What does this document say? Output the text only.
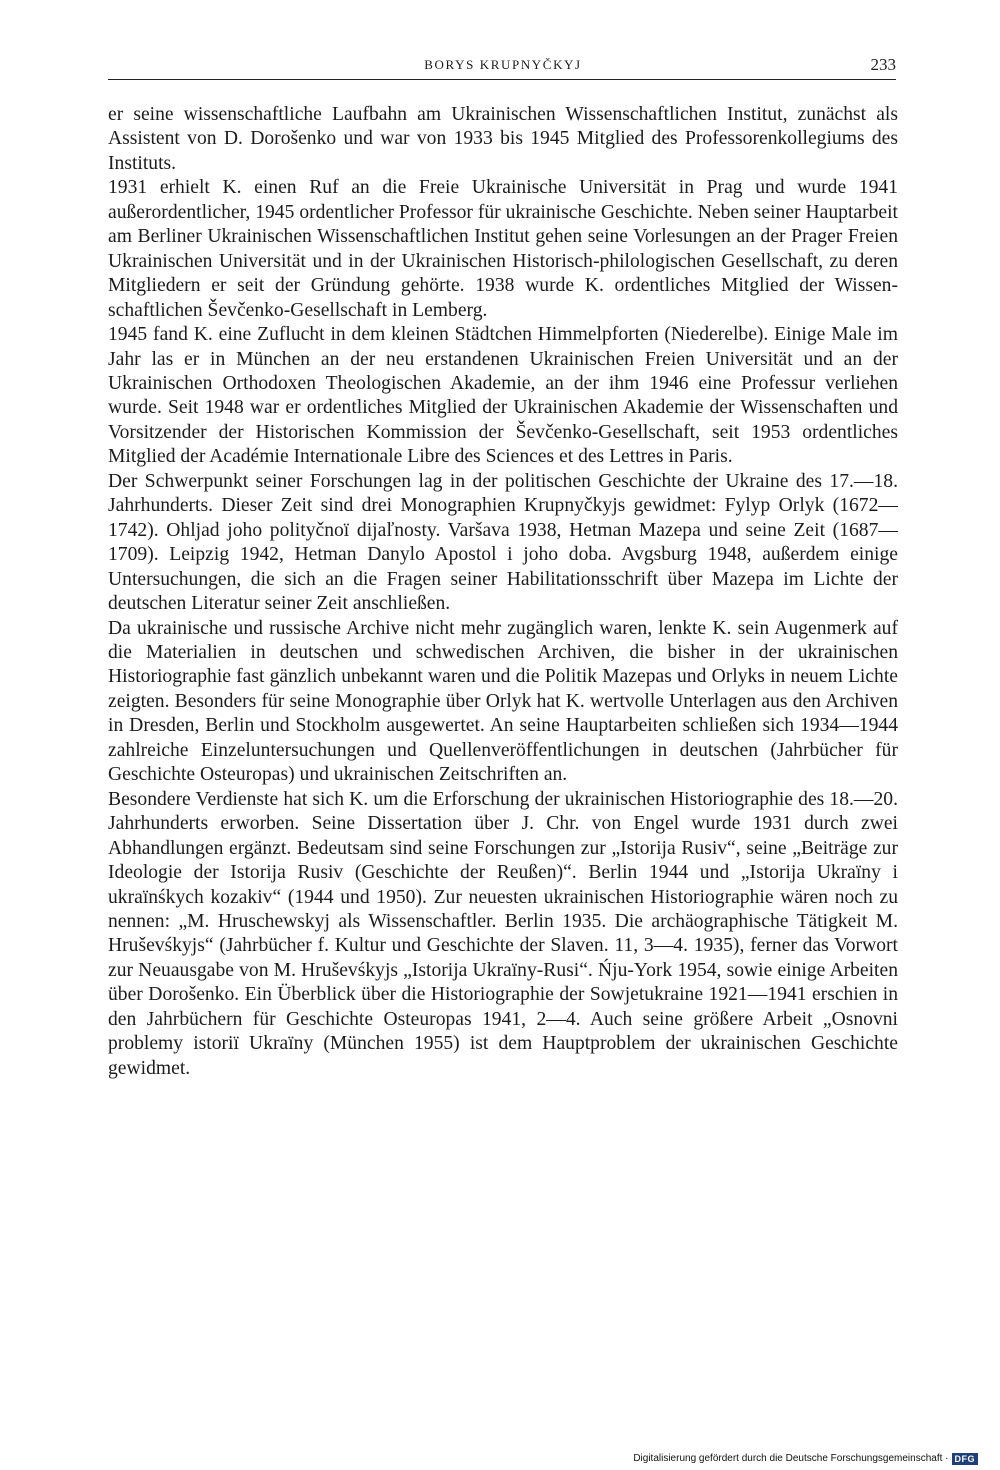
BORYS KRUPNYČKYJ	233

er seine wissenschaftliche Laufbahn am Ukrainischen Wissenschaftlichen Institut, zunächst als Assistent von D. Dorošenko und war von 1933 bis 1945 Mitglied des Professorenkollegiums des Instituts.

1931 erhielt K. einen Ruf an die Freie Ukrainische Universität in Prag und wurde 1941 außerordentlicher, 1945 ordentlicher Professor für ukrainische Geschichte. Neben seiner Hauptarbeit am Berliner Ukrainischen Wissenschaftlichen Institut gehen seine Vorlesungen an der Prager Freien Ukrainischen Universität und in der Ukrainischen Historisch-philologischen Gesellschaft, zu deren Mitgliedern er seit der Gründung gehörte. 1938 wurde K. ordentliches Mitglied der Wissenschaftlichen Ševčenko-Gesellschaft in Lemberg.

1945 fand K. eine Zuflucht in dem kleinen Städtchen Himmelpforten (Niederelbe). Einige Male im Jahr las er in München an der neu erstandenen Ukrainischen Freien Universität und an der Ukrainischen Orthodoxen Theologischen Akademie, an der ihm 1946 eine Professur verliehen wurde. Seit 1948 war er ordentliches Mitglied der Ukrainischen Akademie der Wissenschaften und Vorsitzender der Historischen Kommission der Ševčenko-Gesellschaft, seit 1953 ordentliches Mitglied der Académie Internationale Libre des Sciences et des Lettres in Paris.

Der Schwerpunkt seiner Forschungen lag in der politischen Geschichte der Ukraine des 17.—18. Jahrhunderts. Dieser Zeit sind drei Monographien Krupnyčkyjs gewidmet: Fylyp Orlyk (1672—1742). Ohljad joho polityčnoï dijaľnosty. Varšava 1938, Hetman Mazepa und seine Zeit (1687—1709). Leipzig 1942, Hetman Danylo Apostol i joho doba. Avgsburg 1948, außerdem einige Untersuchungen, die sich an die Fragen seiner Habilitationsschrift über Mazepa im Lichte der deutschen Literatur seiner Zeit anschließen.

Da ukrainische und russische Archive nicht mehr zugänglich waren, lenkte K. sein Augenmerk auf die Materialien in deutschen und schwedischen Archiven, die bisher in der ukrainischen Historiographie fast gänzlich unbekannt waren und die Politik Mazepas und Orlyks in neuem Lichte zeigten. Besonders für seine Monographie über Orlyk hat K. wertvolle Unterlagen aus den Archiven in Dresden, Berlin und Stockholm ausgewertet. An seine Hauptarbeiten schließen sich 1934—1944 zahlreiche Einzeluntersuchungen und Quellenveröffentlichungen in deutschen (Jahrbücher für Geschichte Osteuropas) und ukrainischen Zeitschriften an.

Besondere Verdienste hat sich K. um die Erforschung der ukrainischen Historiographie des 18.—20. Jahrhunderts erworben. Seine Dissertation über J. Chr. von Engel wurde 1931 durch zwei Abhandlungen ergänzt. Bedeutsam sind seine Forschungen zur „Istorija Rusiv“, seine „Beiträge zur Ideologie der Istorija Rusiv (Geschichte der Reußen)“. Berlin 1944 und „Istorija Ukraïny i ukraïnśkych kozakiv“ (1944 und 1950). Zur neuesten ukrainischen Historiographie wären noch zu nennen: „M. Hruschewskyj als Wissenschaftler. Berlin 1935. Die archäographische Tätigkeit M. Hruševśkyjs“ (Jahrbücher f. Kultur und Geschichte der Slaven. 11, 3—4. 1935), ferner das Vorwort zur Neuausgabe von M. Hruševśkyjs „Istorija Ukraïny-Rusi“. Ńju-York 1954, sowie einige Arbeiten über Dorošenko. Ein Überblick über die Historiographie der Sowjetukraine 1921—1941 erschien in den Jahrbüchern für Geschichte Osteuropas 1941, 2—4. Auch seine größere Arbeit „Osnovni problemy istoriï Ukraïny (München 1955) ist dem Hauptproblem der ukrainischen Geschichte gewidmet.

Digitalisierung gefördert durch die Deutsche Forschungsgemeinschaft · DFG
